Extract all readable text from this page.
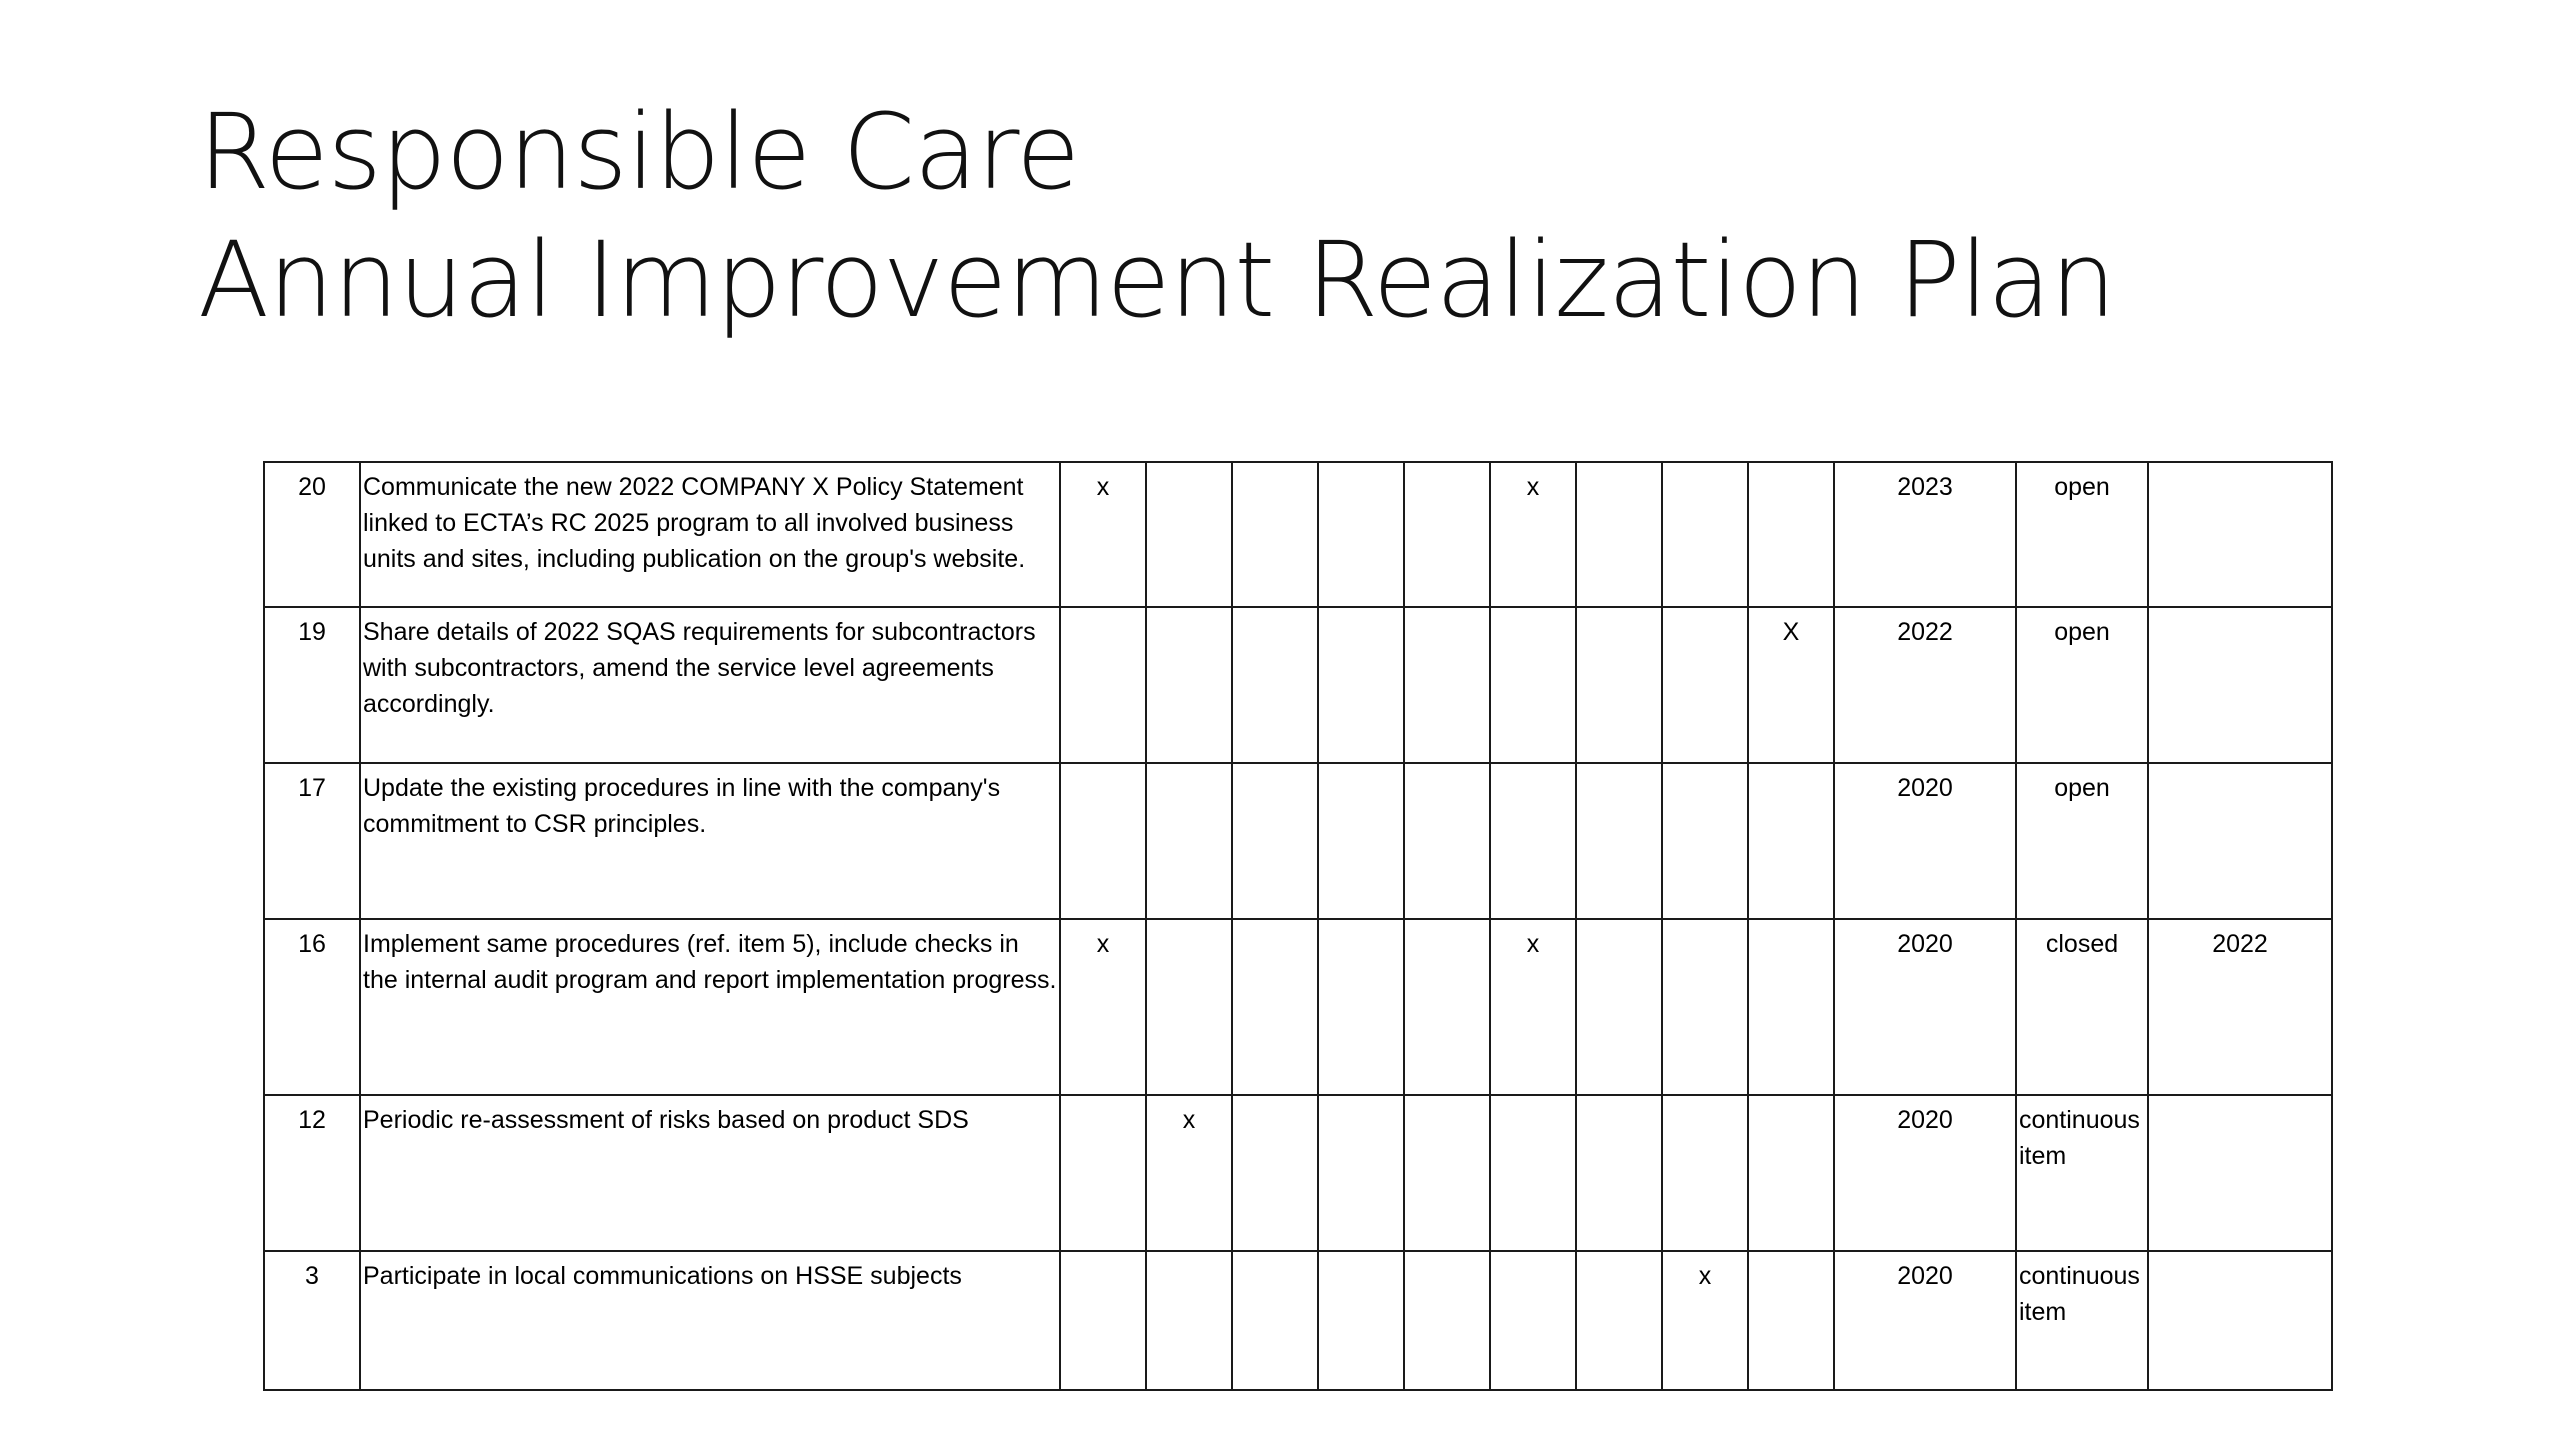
Responsible Care
Annual Improvement Realization Plan
20	Communicate the new 2022 COMPANY X Policy Statement linked to ECTA’s RC 2025 program to all involved business units and sites, including publication on the group's website.	x					x				2023	open	
19	Share details of 2022 SQAS requirements for subcontractors with subcontractors, amend the service level agreements accordingly.									X	2022	open	
17	Update the existing procedures in line with the company's commitment to CSR principles.										2020	open	
16	Implement same procedures (ref. item 5), include checks in the internal audit program and report implementation progress.	x					x				2020	closed	2022
12	Periodic re-assessment of risks based on product SDS		x								2020	continuous item	
3	Participate in local communications on HSSE subjects								x		2020	continuous item	
